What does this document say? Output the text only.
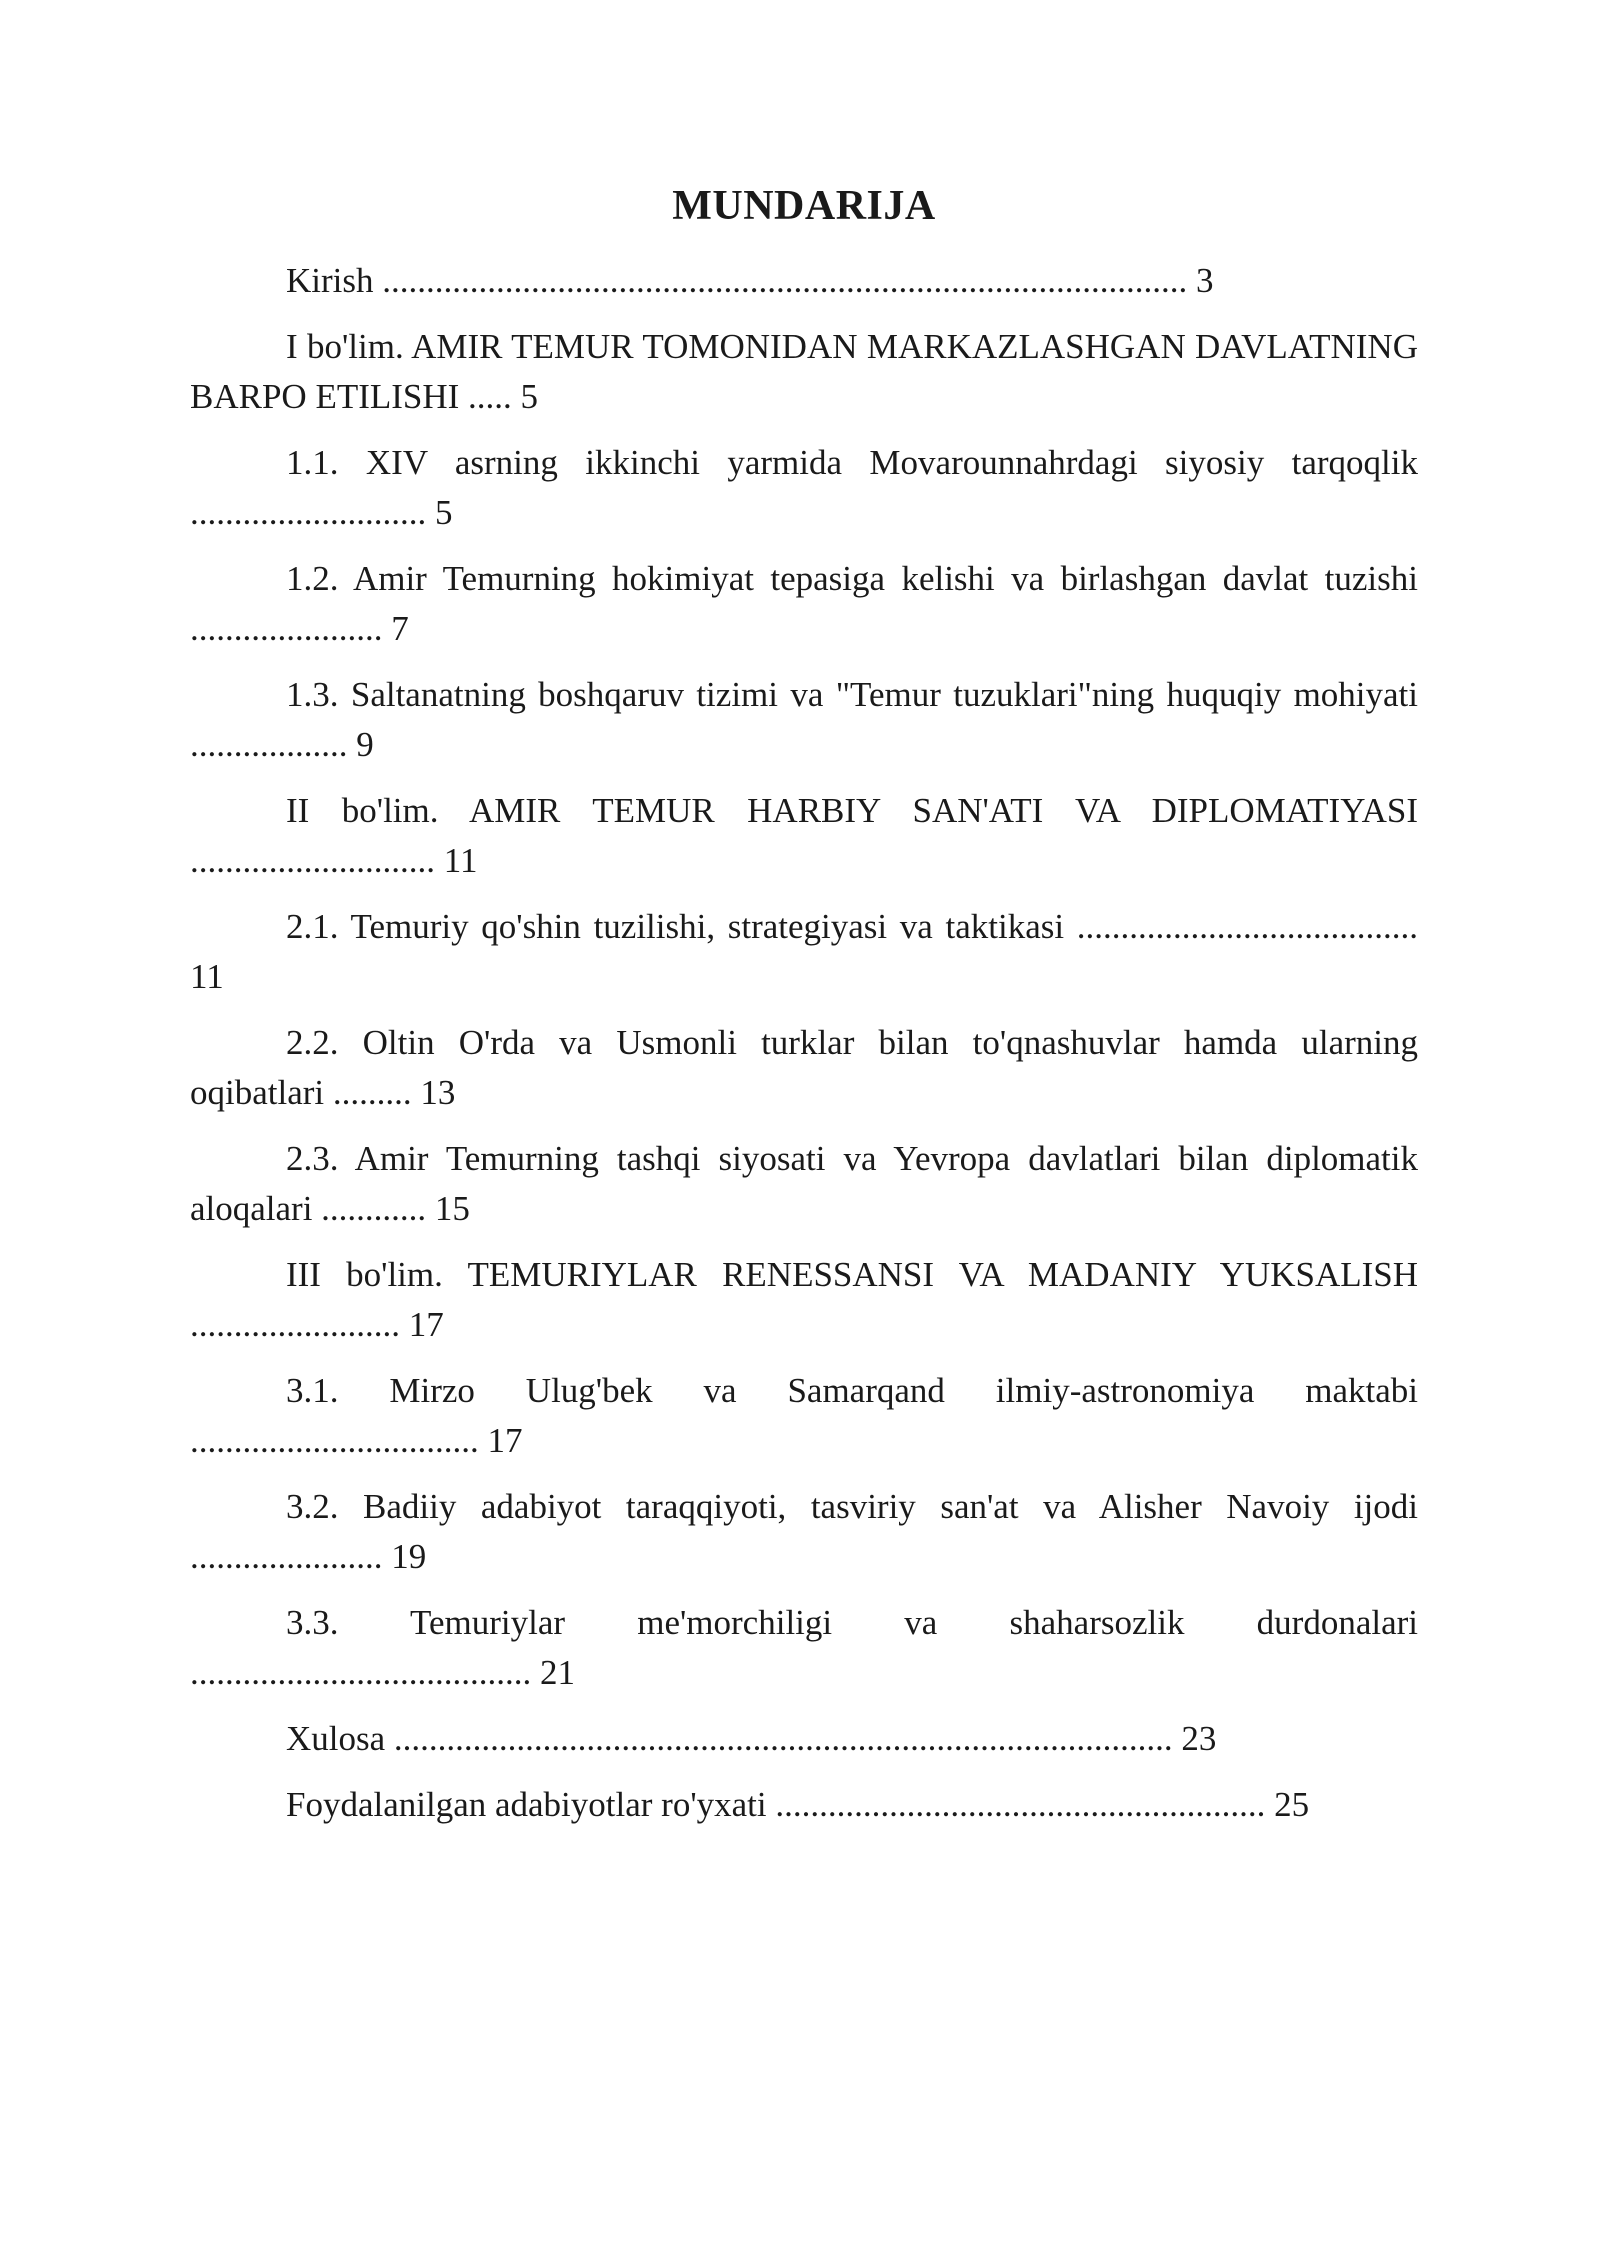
MUNDARIJA
Kirish ............................................................................................ 3
I bo'lim. AMIR TEMUR TOMONIDAN MARKAZLASHGAN DAVLATNING BARPO ETILISHI ..... 5
1.1. XIV asrning ikkinchi yarmida Movarounnahrdagi siyosiy tarqoqlik ........................... 5
1.2. Amir Temurning hokimiyat tepasiga kelishi va birlashgan davlat tuzishi ...................... 7
1.3. Saltanatning boshqaruv tizimi va "Temur tuzuklari"ning huquqiy mohiyati .................. 9
II bo'lim. AMIR TEMUR HARBIY SAN'ATI VA DIPLOMATIYASI ............................ 11
2.1. Temuriy qo'shin tuzilishi, strategiyasi va taktikasi ....................................... 11
2.2. Oltin O'rda va Usmonli turklar bilan to'qnashuvlar hamda ularning oqibatlari ......... 13
2.3. Amir Temurning tashqi siyosati va Yevropa davlatlari bilan diplomatik aloqalari ............ 15
III bo'lim. TEMURIYLAR RENESSANSI VA MADANIY YUKSALISH ........................ 17
3.1. Mirzo Ulug'bek va Samarqand ilmiy-astronomiya maktabi ................................. 17
3.2. Badiiy adabiyot taraqqiyoti, tasviriy san'at va Alisher Navoiy ijodi ...................... 19
3.3. Temuriylar me'morchiligi va shaharsozlik durdonalari ....................................... 21
Xulosa ......................................................................................... 23
Foydalanilgan adabiyotlar ro'yxati ........................................................ 25
